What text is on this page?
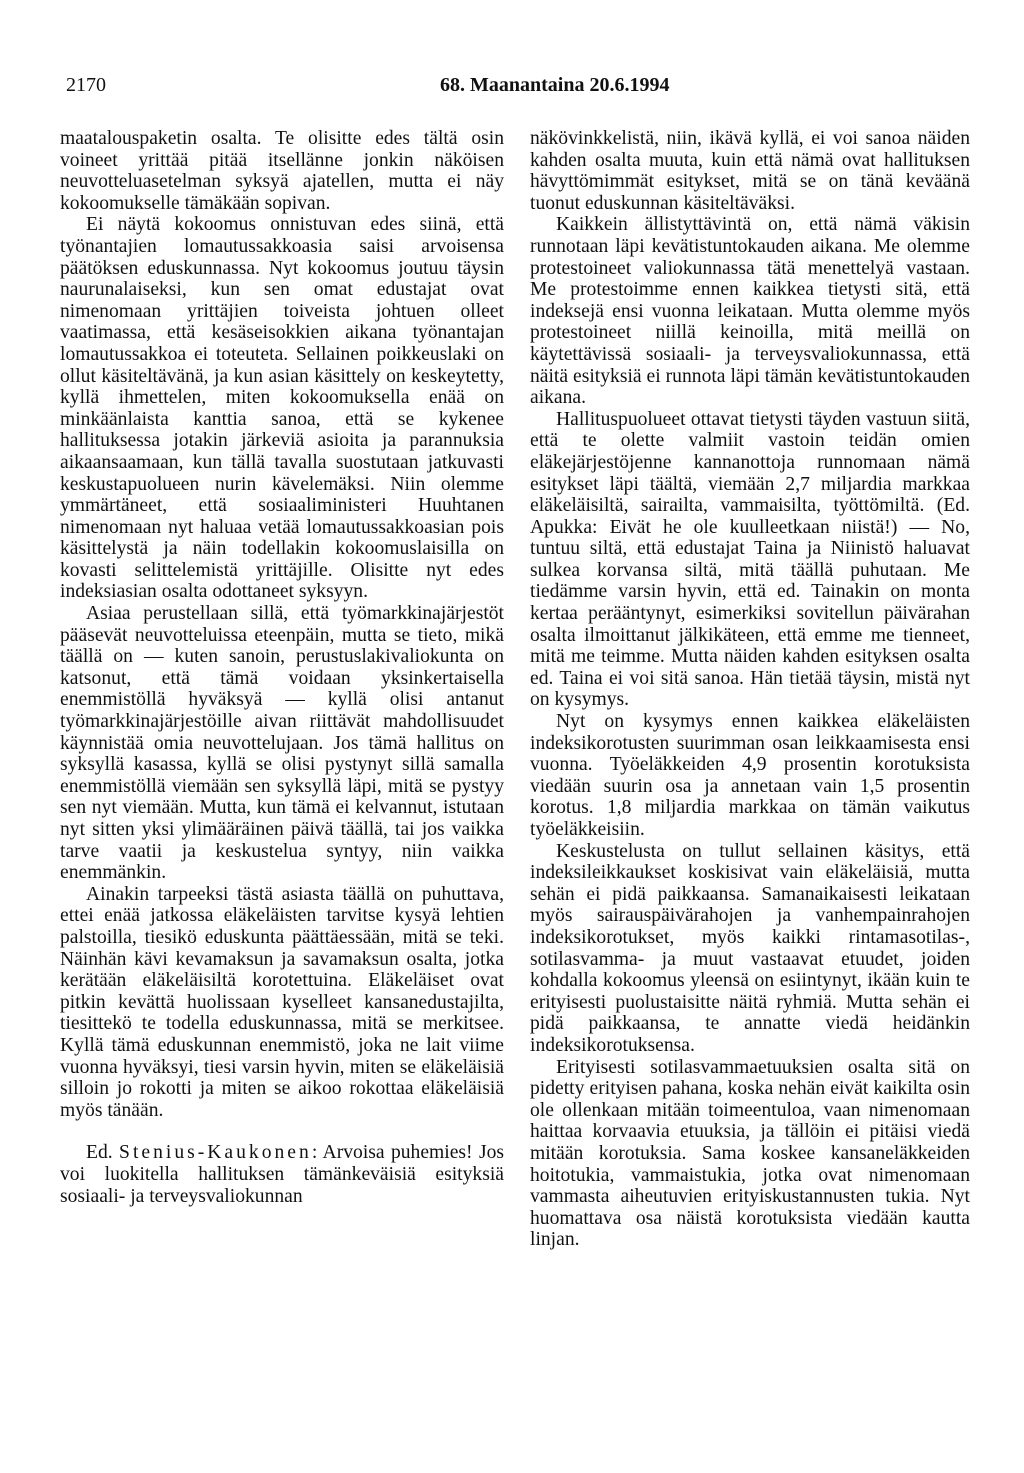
2170	68. Maanantaina 20.6.1994

maatalouspaketin osalta. Te olisitte edes tältä osin voineet yrittää pitää itsellänne jonkin näköisen neuvotteluasetelman syksyä ajatellen, mutta ei näy kokoomukselle tämäkään sopivan.

Ei näytä kokoomus onnistuvan edes siinä, että työnantajien lomautussakkoasia saisi arvoisensa päätöksen eduskunnassa. Nyt kokoomus joutuu täysin naurunalaiseksi, kun sen omat edustajat ovat nimenomaan yrittäjien toiveista johtuen olleet vaatimassa, että kesäseisokkien aikana työnantajan lomautussakkoa ei toteuteta. Sellainen poikkeuslaki on ollut käsiteltävänä, ja kun asian käsittely on keskeytetty, kyllä ihmettelen, miten kokoomuksella enää on minkäänlaista kanttia sanoa, että se kykenee hallituksessa jotakin järkeviä asioita ja parannuksia aikaansaamaan, kun tällä tavalla suostutaan jatkuvasti keskustapuolueen nurin kävelemäksi. Niin olemme ymmärtäneet, että sosiaaliministeri Huuhtanen nimenomaan nyt haluaa vetää lomautussakkoasian pois käsittelystä ja näin todellakin kokoomuslaisilla on kovasti selittelemistä yrittäjille. Olisitte nyt edes indeksiasian osalta odottaneet syksyyn.

Asiaa perustellaan sillä, että työmarkkinajärjestöt pääsevät neuvotteluissa eteenpäin, mutta se tieto, mikä täällä on — kuten sanoin, perustuslakivaliokunta on katsonut, että tämä voidaan yksinkertaisella enemmistöllä hyväksyä — kyllä olisi antanut työmarkkinajärjestöille aivan riittävät mahdollisuudet käynnistää omia neuvottelujaan. Jos tämä hallitus on syksyllä kasassa, kyllä se olisi pystynyt sillä samalla enemmistöllä viemään sen syksyllä läpi, mitä se pystyy sen nyt viemään. Mutta, kun tämä ei kelvannut, istutaan nyt sitten yksi ylimääräinen päivä täällä, tai jos vaikka tarve vaatii ja keskustelua syntyy, niin vaikka enemmänkin.

Ainakin tarpeeksi tästä asiasta täällä on puhuttava, ettei enää jatkossa eläkeläisten tarvitse kysyä lehtien palstoilla, tiesikö eduskunta päättäessään, mitä se teki. Näinhän kävi kevamaksun ja savamaksun osalta, jotka kerätään eläkeläisiltä korotettuina. Eläkeläiset ovat pitkin kevättä huolissaan kyselleet kansanedustajilta, tiesittekö te todella eduskunnassa, mitä se merkitsee. Kyllä tämä eduskunnan enemmistö, joka ne lait viime vuonna hyväksyi, tiesi varsin hyvin, miten se eläkeläisiä silloin jo rokotti ja miten se aikoo rokottaa eläkeläisiä myös tänään.

Ed. Stenius-Kaukonen: Arvoisa puhemies! Jos voi luokitella hallituksen tämänkeväisiä esityksiä sosiaali- ja terveysvaliokunnan

näkövinkkelistä, niin, ikävä kyllä, ei voi sanoa näiden kahden osalta muuta, kuin että nämä ovat hallituksen hävyttömimmät esitykset, mitä se on tänä keväänä tuonut eduskunnan käsiteltäväksi.

Kaikkein ällistyttävintä on, että nämä väkisin runnotaan läpi kevätistuntokauden aikana. Me olemme protestoineet valiokunnassa tätä menettelyä vastaan. Me protestoimme ennen kaikkea tietysti sitä, että indeksejä ensi vuonna leikataan. Mutta olemme myös protestoineet niillä keinoilla, mitä meillä on käytettävissä sosiaali- ja terveysvaliokunnassa, että näitä esityksiä ei runnota läpi tämän kevätistuntokauden aikana.

Hallituspuolueet ottavat tietysti täyden vastuun siitä, että te olette valmiit vastoin teidän omien eläkejärjestöjenne kannanottoja runnomaan nämä esitykset läpi täältä, viemään 2,7 miljardia markkaa eläkeläisiltä, sairailta, vammaisilta, työttömiltä. (Ed. Apukka: Eivät he ole kuulleetkaan niistä!) — No, tuntuu siltä, että edustajat Taina ja Niinistö haluavat sulkea korvansa siltä, mitä täällä puhutaan. Me tiedämme varsin hyvin, että ed. Tainakin on monta kertaa perääntynyt, esimerkiksi sovitellun päivärahan osalta ilmoittanut jälkikäteen, että emme me tienneet, mitä me teimme. Mutta näiden kahden esityksen osalta ed. Taina ei voi sitä sanoa. Hän tietää täysin, mistä nyt on kysymys.

Nyt on kysymys ennen kaikkea eläkeläisten indeksikorotusten suurimman osan leikkaamisesta ensi vuonna. Työeläkkeiden 4,9 prosentin korotuksista viedään suurin osa ja annetaan vain 1,5 prosentin korotus. 1,8 miljardia markkaa on tämän vaikutus työeläkkeisiin.

Keskustelusta on tullut sellainen käsitys, että indeksileikkaukset koskisivat vain eläkeläisiä, mutta sehän ei pidä paikkaansa. Samanaikaisesti leikataan myös sairauspäivärahojen ja vanhempainrahojen indeksikorotukset, myös kaikki rintamasotilas-, sotilasvamma- ja muut vastaavat etuudet, joiden kohdalla kokoomus yleensä on esiintynyt, ikään kuin te erityisesti puolustaisitte näitä ryhmiä. Mutta sehän ei pidä paikkaansa, te annatte viedä heidänkin indeksikorotuksensa.

Erityisesti sotilasvammaetuuksien osalta sitä on pidetty erityisen pahana, koska nehän eivät kaikilta osin ole ollenkaan mitään toimeentuloa, vaan nimenomaan haittaa korvaavia etuuksia, ja tällöin ei pitäisi viedä mitään korotuksia. Sama koskee kansaneläkkeiden hoitotukia, vammaistukia, jotka ovat nimenomaan vammasta aiheutuvien erityiskustannusten tukia. Nyt huomattava osa näistä korotuksista viedään kautta linjan.
